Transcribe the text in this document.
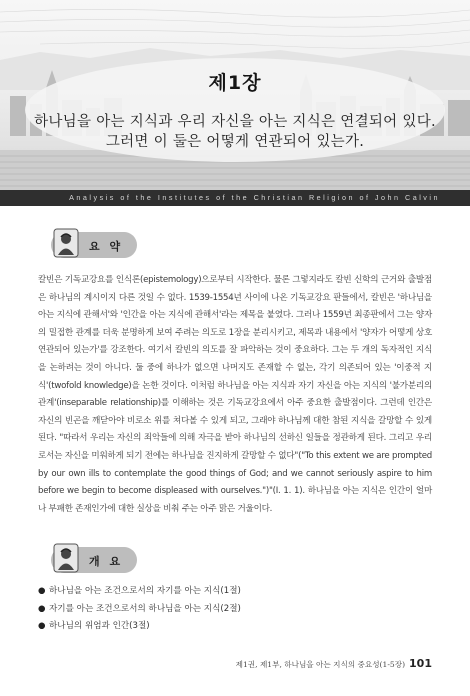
제1장
하나님을 아는 지식과 우리 자신을 아는 지식은 연결되어 있다.
그러면 이 둘은 어떻게 연관되어 있는가.
Analysis of the Institutes of the Christian Religion of John Calvin
요 약
칼빈은 기독교강요를 인식론(epistemology)으로부터 시작한다. 물론 그렇지라도 칼빈 신학의 근거와 출발점은 하나님의 계시이지 다른 것일 수 없다. 1539-1554년 사이에 나온 기독교강요 판들에서, 칼빈은 '하나님을 아는 지식에 관해서'와 '인간을 아는 지식에 관해서'라는 제목을 붙였다. 그러나 1559년 최종판에서 그는 양자의 밀접한 관계를 더욱 분명하게 보여 주려는 의도로 1장을 분리시키고, 제목과 내용에서 '양자가 어떻게 상호 연관되어 있는가'를 강조한다. 여기서 칼빈의 의도를 잘 파악하는 것이 중요하다. 그는 두 개의 독자적인 지식을 논하려는 것이 아니다. 둘 중에 하나가 없으면 나머지도 존재할 수 없는, 각기 의존되어 있는 '이중적 지식'(twofold knowledge)을 논한 것이다. 이처럼 하나님을 아는 지식과 자기 자신을 아는 지식의 '불가분리의 관계'(inseparable relationship)를 이해하는 것은 기독교강요에서 아주 중요한 출발점이다. 그런데 인간은 자신의 빈곤을 깨닫아야 비로소 위를 쳐다볼 수 있게 되고, 그래야 하나님께 대한 참된 지식을 갈망할 수 있게 된다. "따라서 우리는 자신의 죄악들에 의해 자극을 받아 하나님의 선하신 일들을 정관하게 된다. 그리고 우리로서는 자신을 미워하게 되기 전에는 하나님을 진지하게 갈망할 수 없다"("To this extent we are prompted by our own ills to contemplate the good things of God; and we cannot seriously aspire to him before we begin to become displeased with ourselves.")"(I. 1. 1). 하나님을 아는 지식은 인간이 얼마나 부패한 존재인가에 대한 실상을 비춰 주는 아주 맑은 거울이다.
개 요
● 하나님을 아는 조건으로서의 자기를 아는 지식(1절)
● 자기를 아는 조건으로서의 하나님을 아는 지식(2절)
● 하나님의 위엄과 인간(3절)
제1권, 제1부, 하나님을 아는 지식의 중요성(1-5장) 101
